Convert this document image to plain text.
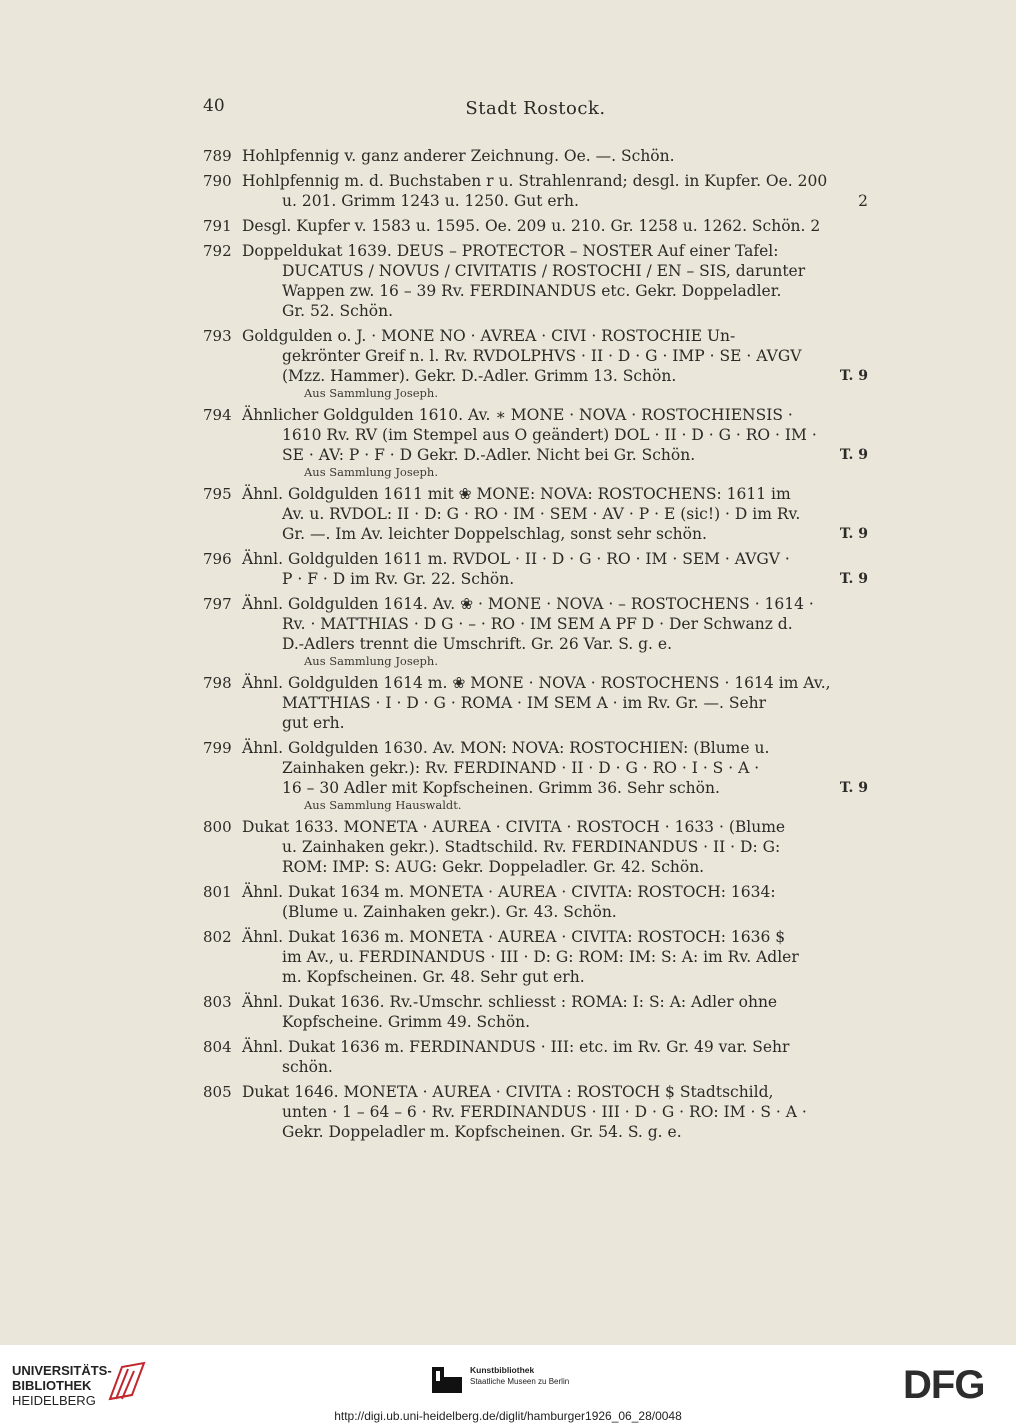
40	Stadt Rostock.
789 Hohlpfennig v. ganz anderer Zeichnung. Oe. —. Schön.
790 Hohlpfennig m. d. Buchstaben r u. Strahlenrand; desgl. in Kupfer. Oe. 200
u. 201. Grimm 1243 u. 1250. Gut erh.	2
791 Desgl. Kupfer v. 1583 u. 1595. Oe. 209 u. 210. Gr. 1258 u. 1262. Schön. 2
792 Doppeldukat 1639. DEUS – PROTECTOR – NOSTER Auf einer Tafel:
DUCATUS / NOVUS / CIVITATIS / ROSTOCHI / EN – SIS, darunter
Wappen zw. 16 – 39 Rv. FERDINANDUS etc. Gekr. Doppeladler.
Gr. 52. Schön.
793 Goldgulden o. J. · MONE NO · AVREA · CIVI · ROSTOCHIE Un-
gekrönter Greif n. l. Rv. RVDOLPHVS · II · D · G · IMP · SE · AVGV
(Mzz. Hammer). Gekr. D.-Adler. Grimm 13. Schön.	T. 9
Aus Sammlung Joseph.
794 Ähnlicher Goldgulden 1610. Av. ∗ MONE · NOVA · ROSTOCHIENSIS ·
1610 Rv. RV (im Stempel aus O geändert) DOL · II · D · G · RO · IM ·
SE · AV: P · F · D Gekr. D.-Adler. Nicht bei Gr. Schön.	T. 9
Aus Sammlung Joseph.
795 Ähnl. Goldgulden 1611 mit ❀ MONE: NOVA: ROSTOCHENS: 1611 im
Av. u. RVDOL: II · D: G · RO · IM · SEM · AV · P · E (sic!) · D im Rv.
Gr. —. Im Av. leichter Doppelschlag, sonst sehr schön.	T. 9
796 Ähnl. Goldgulden 1611 m. RVDOL · II · D · G · RO · IM · SEM · AVGV ·
P · F · D im Rv. Gr. 22. Schön.	T. 9
797 Ähnl. Goldgulden 1614. Av. ❀ · MONE · NOVA · – ROSTOCHENS · 1614 ·
Rv. · MATTHIAS · D G · – · RO · IM SEM A PF D · Der Schwanz d.
D.-Adlers trennt die Umschrift. Gr. 26 Var. S. g. e.
Aus Sammlung Joseph.
798 Ähnl. Goldgulden 1614 m. ❀ MONE · NOVA · ROSTOCHENS · 1614 im Av.,
MATTHIAS · I · D · G · ROMA · IM SEM A · im Rv. Gr. —. Sehr
gut erh.
799 Ähnl. Goldgulden 1630. Av. MON: NOVA: ROSTOCHIEN: (Blume u.
Zainhaken gekr.): Rv. FERDINAND · II · D · G · RO · I · S · A ·
16 – 30 Adler mit Kopfscheinen. Grimm 36. Sehr schön.	T. 9
Aus Sammlung Hauswaldt.
800 Dukat 1633. MONETA · AUREA · CIVITA · ROSTOCH · 1633 · (Blume
u. Zainhaken gekr.). Stadtschild. Rv. FERDINANDUS · II · D: G:
ROM: IMP: S: AUG: Gekr. Doppeladler. Gr. 42. Schön.
801 Ähnl. Dukat 1634 m. MONETA · AUREA · CIVITA: ROSTOCH: 1634:
(Blume u. Zainhaken gekr.). Gr. 43. Schön.
802 Ähnl. Dukat 1636 m. MONETA · AUREA · CIVITA: ROSTOCH: 1636 $
im Av., u. FERDINANDUS · III · D: G: ROM: IM: S: A: im Rv. Adler
m. Kopfscheinen. Gr. 48. Sehr gut erh.
803 Ähnl. Dukat 1636. Rv.-Umschr. schliesst : ROMA: I: S: A: Adler ohne
Kopfscheine. Grimm 49. Schön.
804 Ähnl. Dukat 1636 m. FERDINANDUS · III: etc. im Rv. Gr. 49 var. Sehr
schön.
805 Dukat 1646. MONETA · AUREA · CIVITA : ROSTOCH $ Stadtschild,
unten · 1 – 64 – 6 · Rv. FERDINANDUS · III · D · G · RO: IM · S · A ·
Gekr. Doppeladler m. Kopfscheinen. Gr. 54. S. g. e.
UNIVERSITÄTS-
BIBLIOTHEK
HEIDELBERG
Kunstbibliothek
Staatliche Museen zu Berlin	DFG
http://digi.ub.uni-heidelberg.de/diglit/hamburger1926_06_28/0048
